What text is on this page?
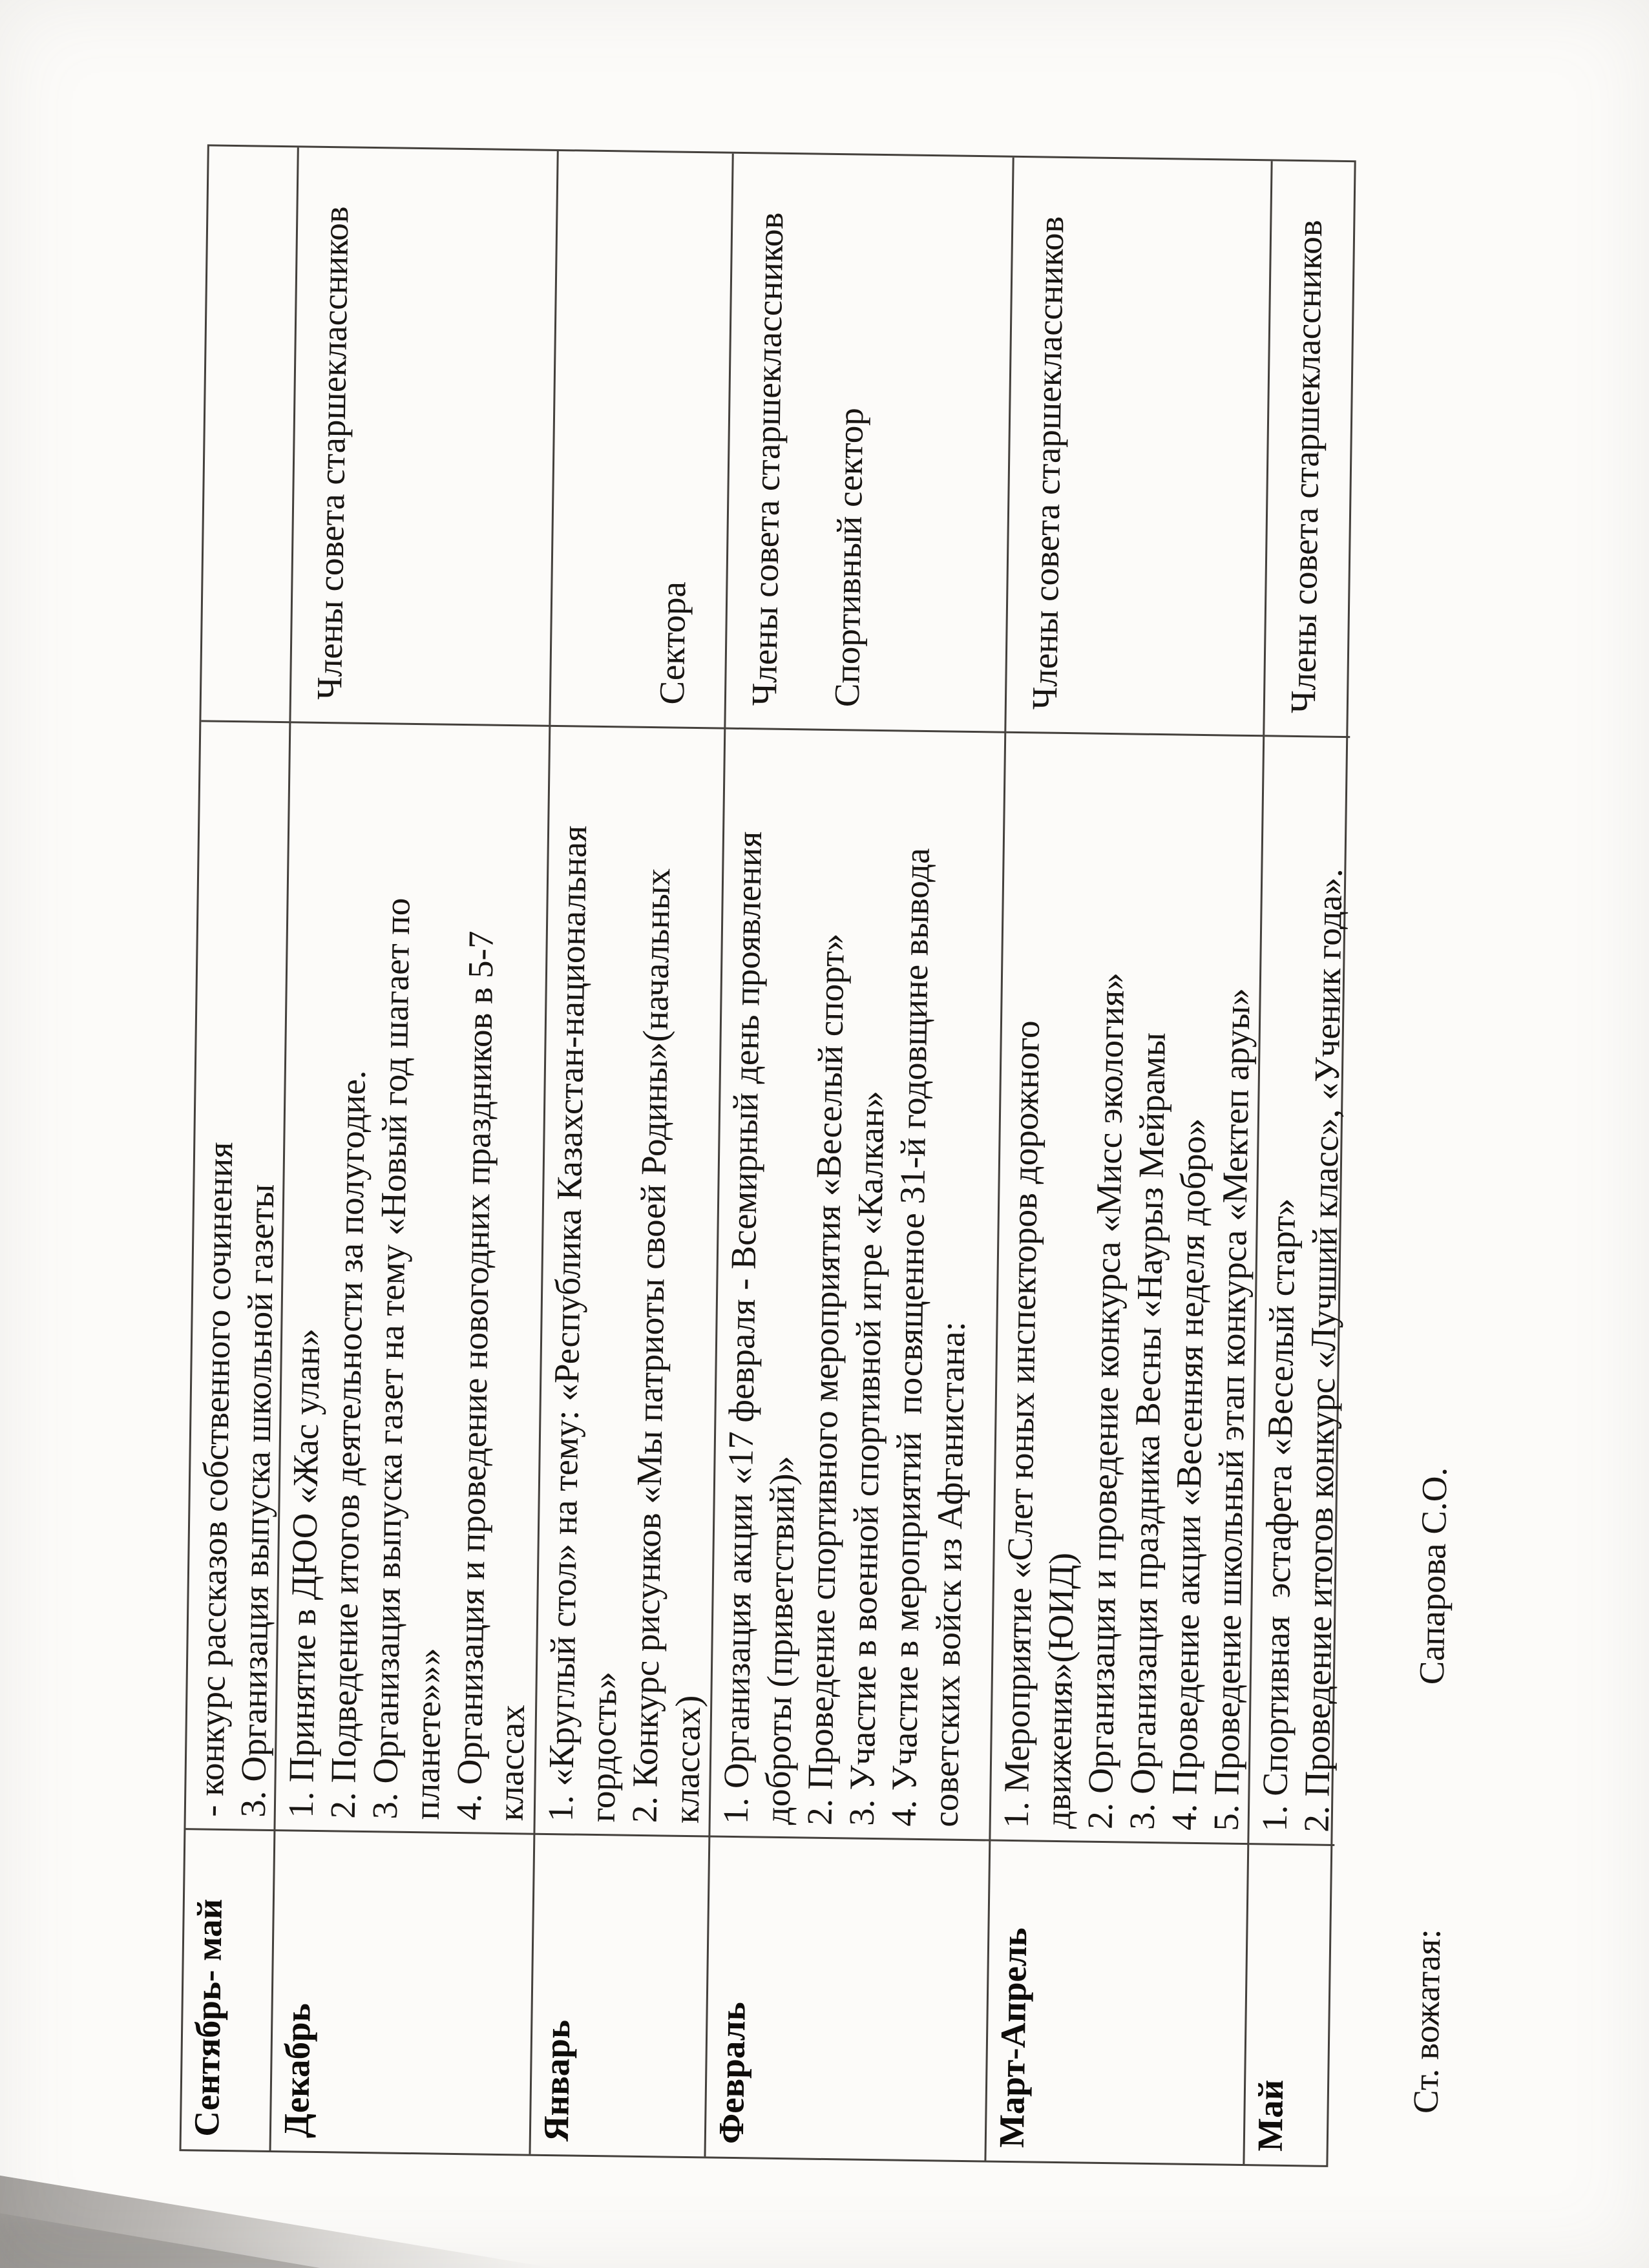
Сентябрь- май
- конкурс рассказов собственного сочинения
3. Организация выпуска школьной газеты
Декабрь
1. Принятие в ДЮО «Жас улан»
2. Подведение итогов деятельности за полугодие.
3. Организация выпуска газет на тему «Новый год шагает по
планете»»» 4. Организация и проведение новогодних праздников в 5-7
классах
Члены совета старшеклассников
Январь
1. «Круглый стол» на тему: «Республика Казахстан-национальная
гордость» 2. Конкурс рисунков «Мы патриоты своей Родины»(начальных
классах)
Сектора
Февраль
1. Организация акции «17 февраля - Всемирный день проявления
доброты (приветствий)»
2. Проведение спортивного мероприятия «Веселый спорт»
3. Участие в военной спортивной игре «Калкан»
4. Участие в мероприятий  посвященное 31-й годовщине вывода
советских войск из Афганистана:
Члены совета старшеклассников Спортивный сектор
Март-Апрель
1. Мероприятие «Слет юных инспекторов дорожного
движения»(ЮИД)
2. Организация и проведение конкурса «Мисс экология»
3. Организация праздника Весны «Наурыз Мейрамы
4. Проведение акции «Весенняя неделя добро»
5. Проведение школьный этап конкурса «Мектеп аруы»
Члены совета старшеклассников
Май
1. Спортивная  эстафета «Веселый старт»
2. Проведение итогов конкурс «Лучший класс», «Ученик года».
Члены совета старшеклассников
Ст. вожатая:Сапарова С.О.
